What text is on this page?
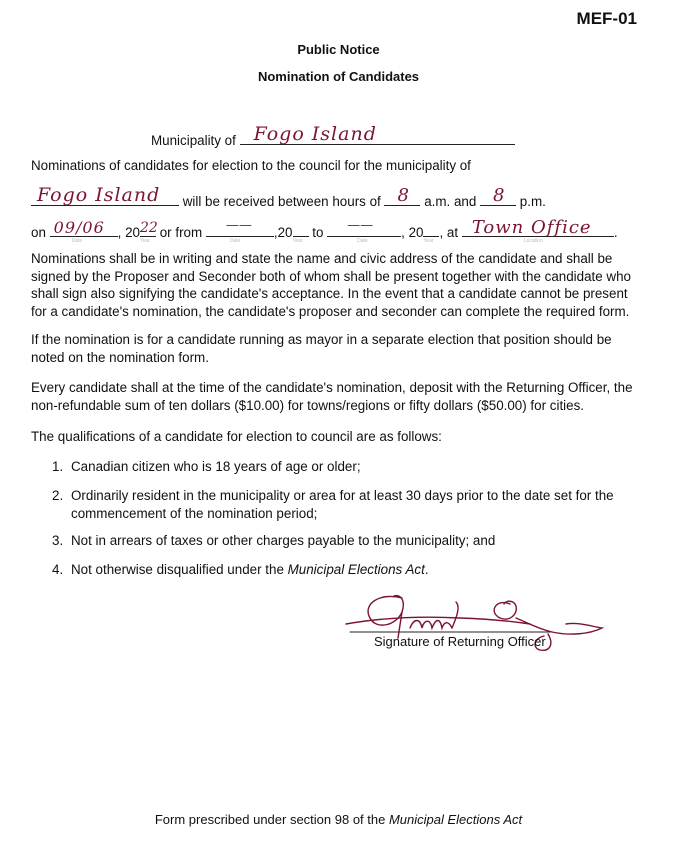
MEF-01
Public Notice
Nomination of Candidates
Municipality of Fogo Island
Nominations of candidates for election to the council for the municipality of
Fogo Island will be received between hours of 8 a.m. and 8 p.m.
on 09/06
Date
, 20 22
Year
or from ——
Date
,20
Year
to ——
Date
, 20
Year
, at Town Office
Location
.
Nominations shall be in writing and state the name and civic address of the candidate and shall be signed by the Proposer and Seconder both of whom shall be present together with the candidate who shall sign also signifying the candidate's acceptance. In the event that a candidate cannot be present for a candidate's nomination, the candidate's proposer and seconder can complete the required form.
If the nomination is for a candidate running as mayor in a separate election that position should be noted on the nomination form.
Every candidate shall at the time of the candidate's nomination, deposit with the Returning Officer, the non-refundable sum of ten dollars ($10.00) for towns/regions or fifty dollars ($50.00) for cities.
The qualifications of a candidate for election to council are as follows:
1. Canadian citizen who is 18 years of age or older;
2. Ordinarily resident in the municipality or area for at least 30 days prior to the date set for the commencement of the nomination period;
3. Not in arrears of taxes or other charges payable to the municipality; and
4. Not otherwise disqualified under the Municipal Elections Act.
Signature of Returning Officer
Form prescribed under section 98 of the Municipal Elections Act
